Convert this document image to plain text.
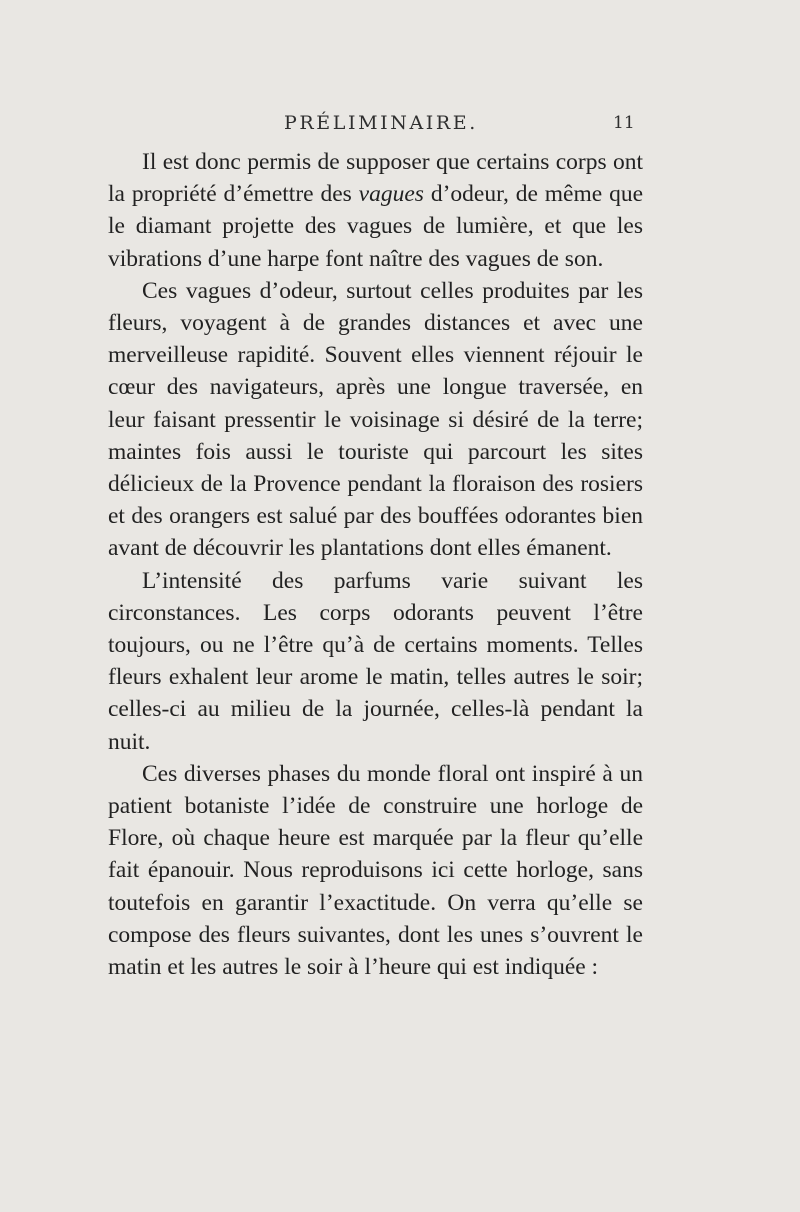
PRÉLIMINAIRE.	11

Il est donc permis de supposer que certains corps ont la propriété d’émettre des vagues d’odeur, de même que le diamant projette des vagues de lumière, et que les vibrations d’une harpe font naître des vagues de son.

Ces vagues d’odeur, surtout celles produites par les fleurs, voyagent à de grandes distances et avec une merveilleuse rapidité. Souvent elles viennent réjouir le cœur des navigateurs, après une longue traversée, en leur faisant pressentir le voisinage si désiré de la terre; maintes fois aussi le touriste qui parcourt les sites délicieux de la Provence pendant la floraison des rosiers et des orangers est salué par des bouffées odorantes bien avant de découvrir les plantations dont elles émanent.

L’intensité des parfums varie suivant les circonstances. Les corps odorants peuvent l’être toujours, ou ne l’être qu’à de certains moments. Telles fleurs exhalent leur arome le matin, telles autres le soir; celles-ci au milieu de la journée, celles-là pendant la nuit.

Ces diverses phases du monde floral ont inspiré à un patient botaniste l’idée de construire une horloge de Flore, où chaque heure est marquée par la fleur qu’elle fait épanouir. Nous reproduisons ici cette horloge, sans toutefois en garantir l’exactitude. On verra qu’elle se compose des fleurs suivantes, dont les unes s’ouvrent le matin et les autres le soir à l’heure qui est indiquée :
